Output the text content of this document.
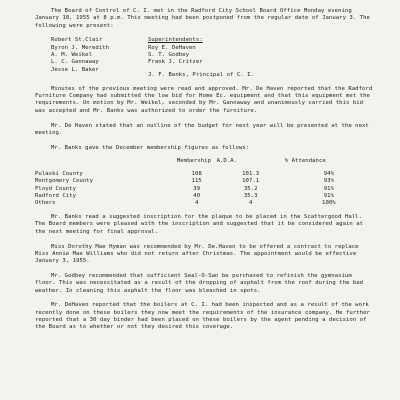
The Board of Control of C. I. met in the Radford City School Board Office Monday evening January 10, 1955 at 8 p.m. This meeting had been postponed from the regular date of January 3. The following were present:

Robert St.Clair
Byron J. Meredith
A. M. Weikel
L. C. Gannaway
Jesse L. Baker
Superintendents:
Roy E. DeHaven
S. T. Godbey
Frank J. Critzer
J. F. Banks, Principal of C. I.

Minutes of the previous meeting were read and approved. Mr. De Haven reported that the Radford Furniture Company had submitted the low bid for Home Ec. equipment and that this equipment met the requirements. On motion by Mr. Weikel, seconded by Mr. Gannaway and unanimously carried this bid was accepted and Mr. Banks was authorized to order the furniture.

Mr. De Haven stated that an outline of the budget for next year will be presented at the next meeting.

Mr. Banks gave the December membership figures as follows:

	Membership	A.D.A.	% Attendance
Pulaski County	108	101.3	94%
Montgomery County	115	107.1	93%
Floyd County	39	35.2	91%
Radford City	40	35.3	91%
Others	4	4	100%

Mr. Banks read a suggested inscription for the plaque to be placed in the Scattergood Hall. The Board members were pleased with the inscription and suggested that it be considered again at the next meeting for final approval.

Miss Dorothy Mae Hyman was recommended by Mr. De.Haven to be offered a contract to replace Miss Annie Mae Williams who did not return after Christmas. The appointment would be effective January 3, 1955.

Mr. Godbey recommended that sufficient Seal-O-San be purchased to refinish the gymnasium floor. This was necessitated as a result of the dropping of asphalt from the roof during the bad weather. In cleaning this asphalt the floor was bleached in spots.

Mr. DeHaven reported that the boilers at C. I. had been inspected and as a result of the work recently done on these boilers they now meet the requirements of the insurance company. He further reported that a 30 day binder had been placed on these boilers by the agent pending a decision of the Board as to whether or not they desired this coverage.
